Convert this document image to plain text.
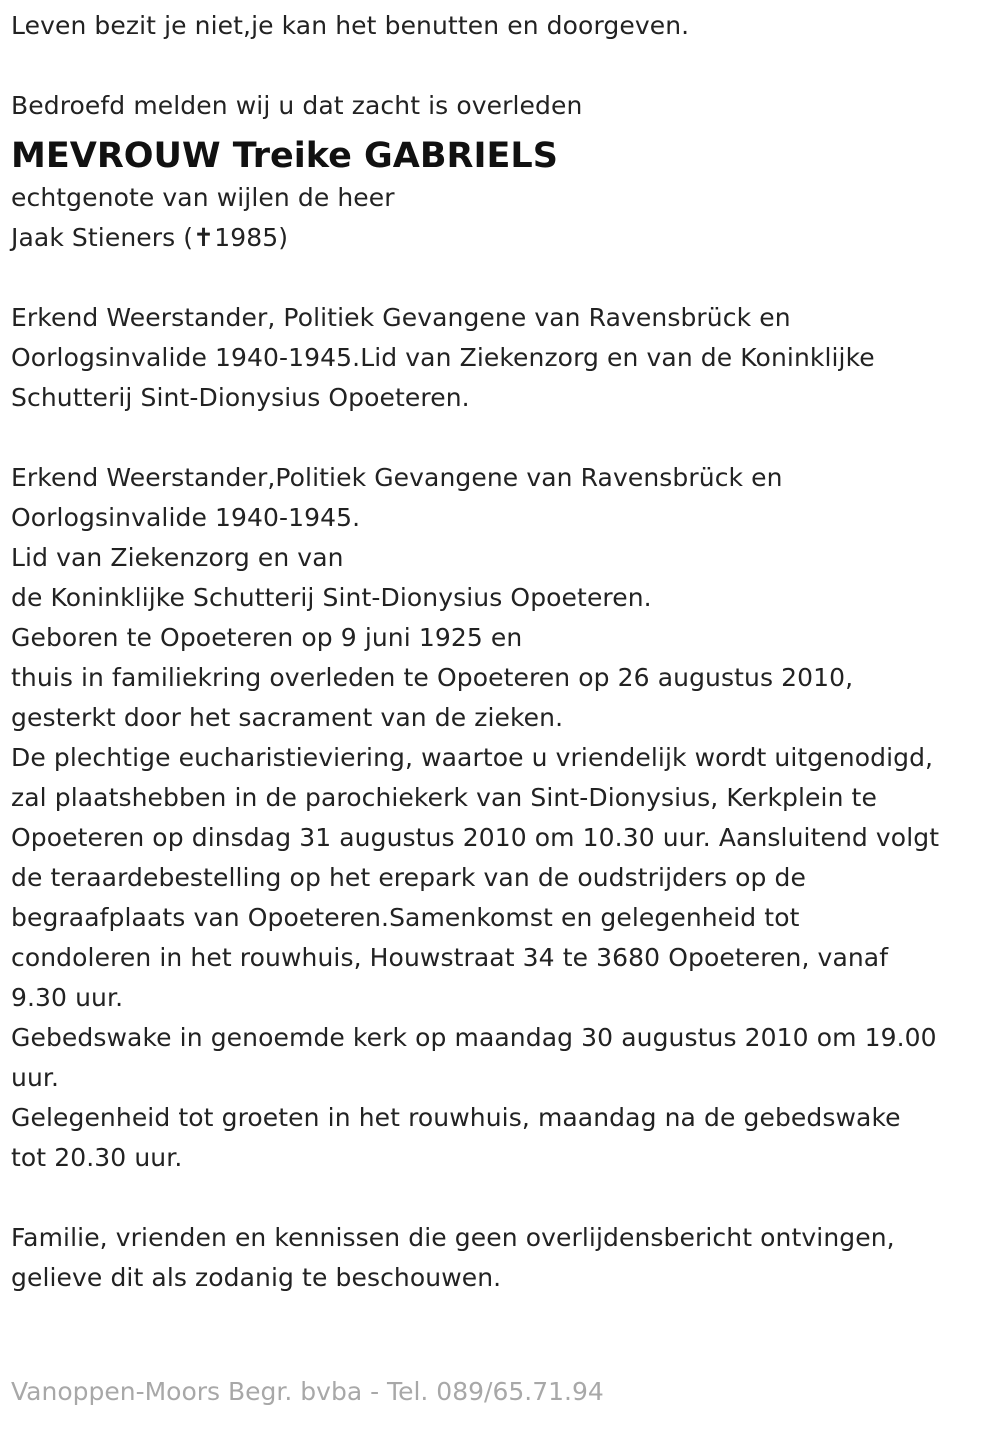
Leven bezit je niet,je kan het benutten en doorgeven.
Bedroefd melden wij u dat zacht is overleden
MEVROUW Treike GABRIELS
echtgenote van wijlen de heer
Jaak Stieners (✝1985)
Erkend Weerstander, Politiek Gevangene van Ravensbrück en
Oorlogsinvalide 1940-1945.Lid van Ziekenzorg en van de Koninklijke
Schutterij Sint-Dionysius Opoeteren.
Erkend Weerstander,Politiek Gevangene van Ravensbrück en
Oorlogsinvalide 1940-1945.
Lid van Ziekenzorg en van
de Koninklijke Schutterij Sint-Dionysius Opoeteren.
Geboren te Opoeteren op 9 juni 1925 en
thuis in familiekring overleden te Opoeteren op 26 augustus 2010,
gesterkt door het sacrament van de zieken.
De plechtige eucharistieviering, waartoe u vriendelijk wordt uitgenodigd,
zal plaatshebben in de parochiekerk van Sint-Dionysius, Kerkplein te
Opoeteren op dinsdag 31 augustus 2010 om 10.30 uur. Aansluitend volgt
de teraardebestelling op het erepark van de oudstrijders op de
begraafplaats van Opoeteren.Samenkomst en gelegenheid tot
condoleren in het rouwhuis, Houwstraat 34 te 3680 Opoeteren, vanaf
9.30 uur.
Gebedswake in genoemde kerk op maandag 30 augustus 2010 om 19.00
uur.
Gelegenheid tot groeten in het rouwhuis, maandag na de gebedswake
tot 20.30 uur.
Familie, vrienden en kennissen die geen overlijdensbericht ontvingen,
gelieve dit als zodanig te beschouwen.
Vanoppen-Moors Begr. bvba - Tel. 089/65.71.94
